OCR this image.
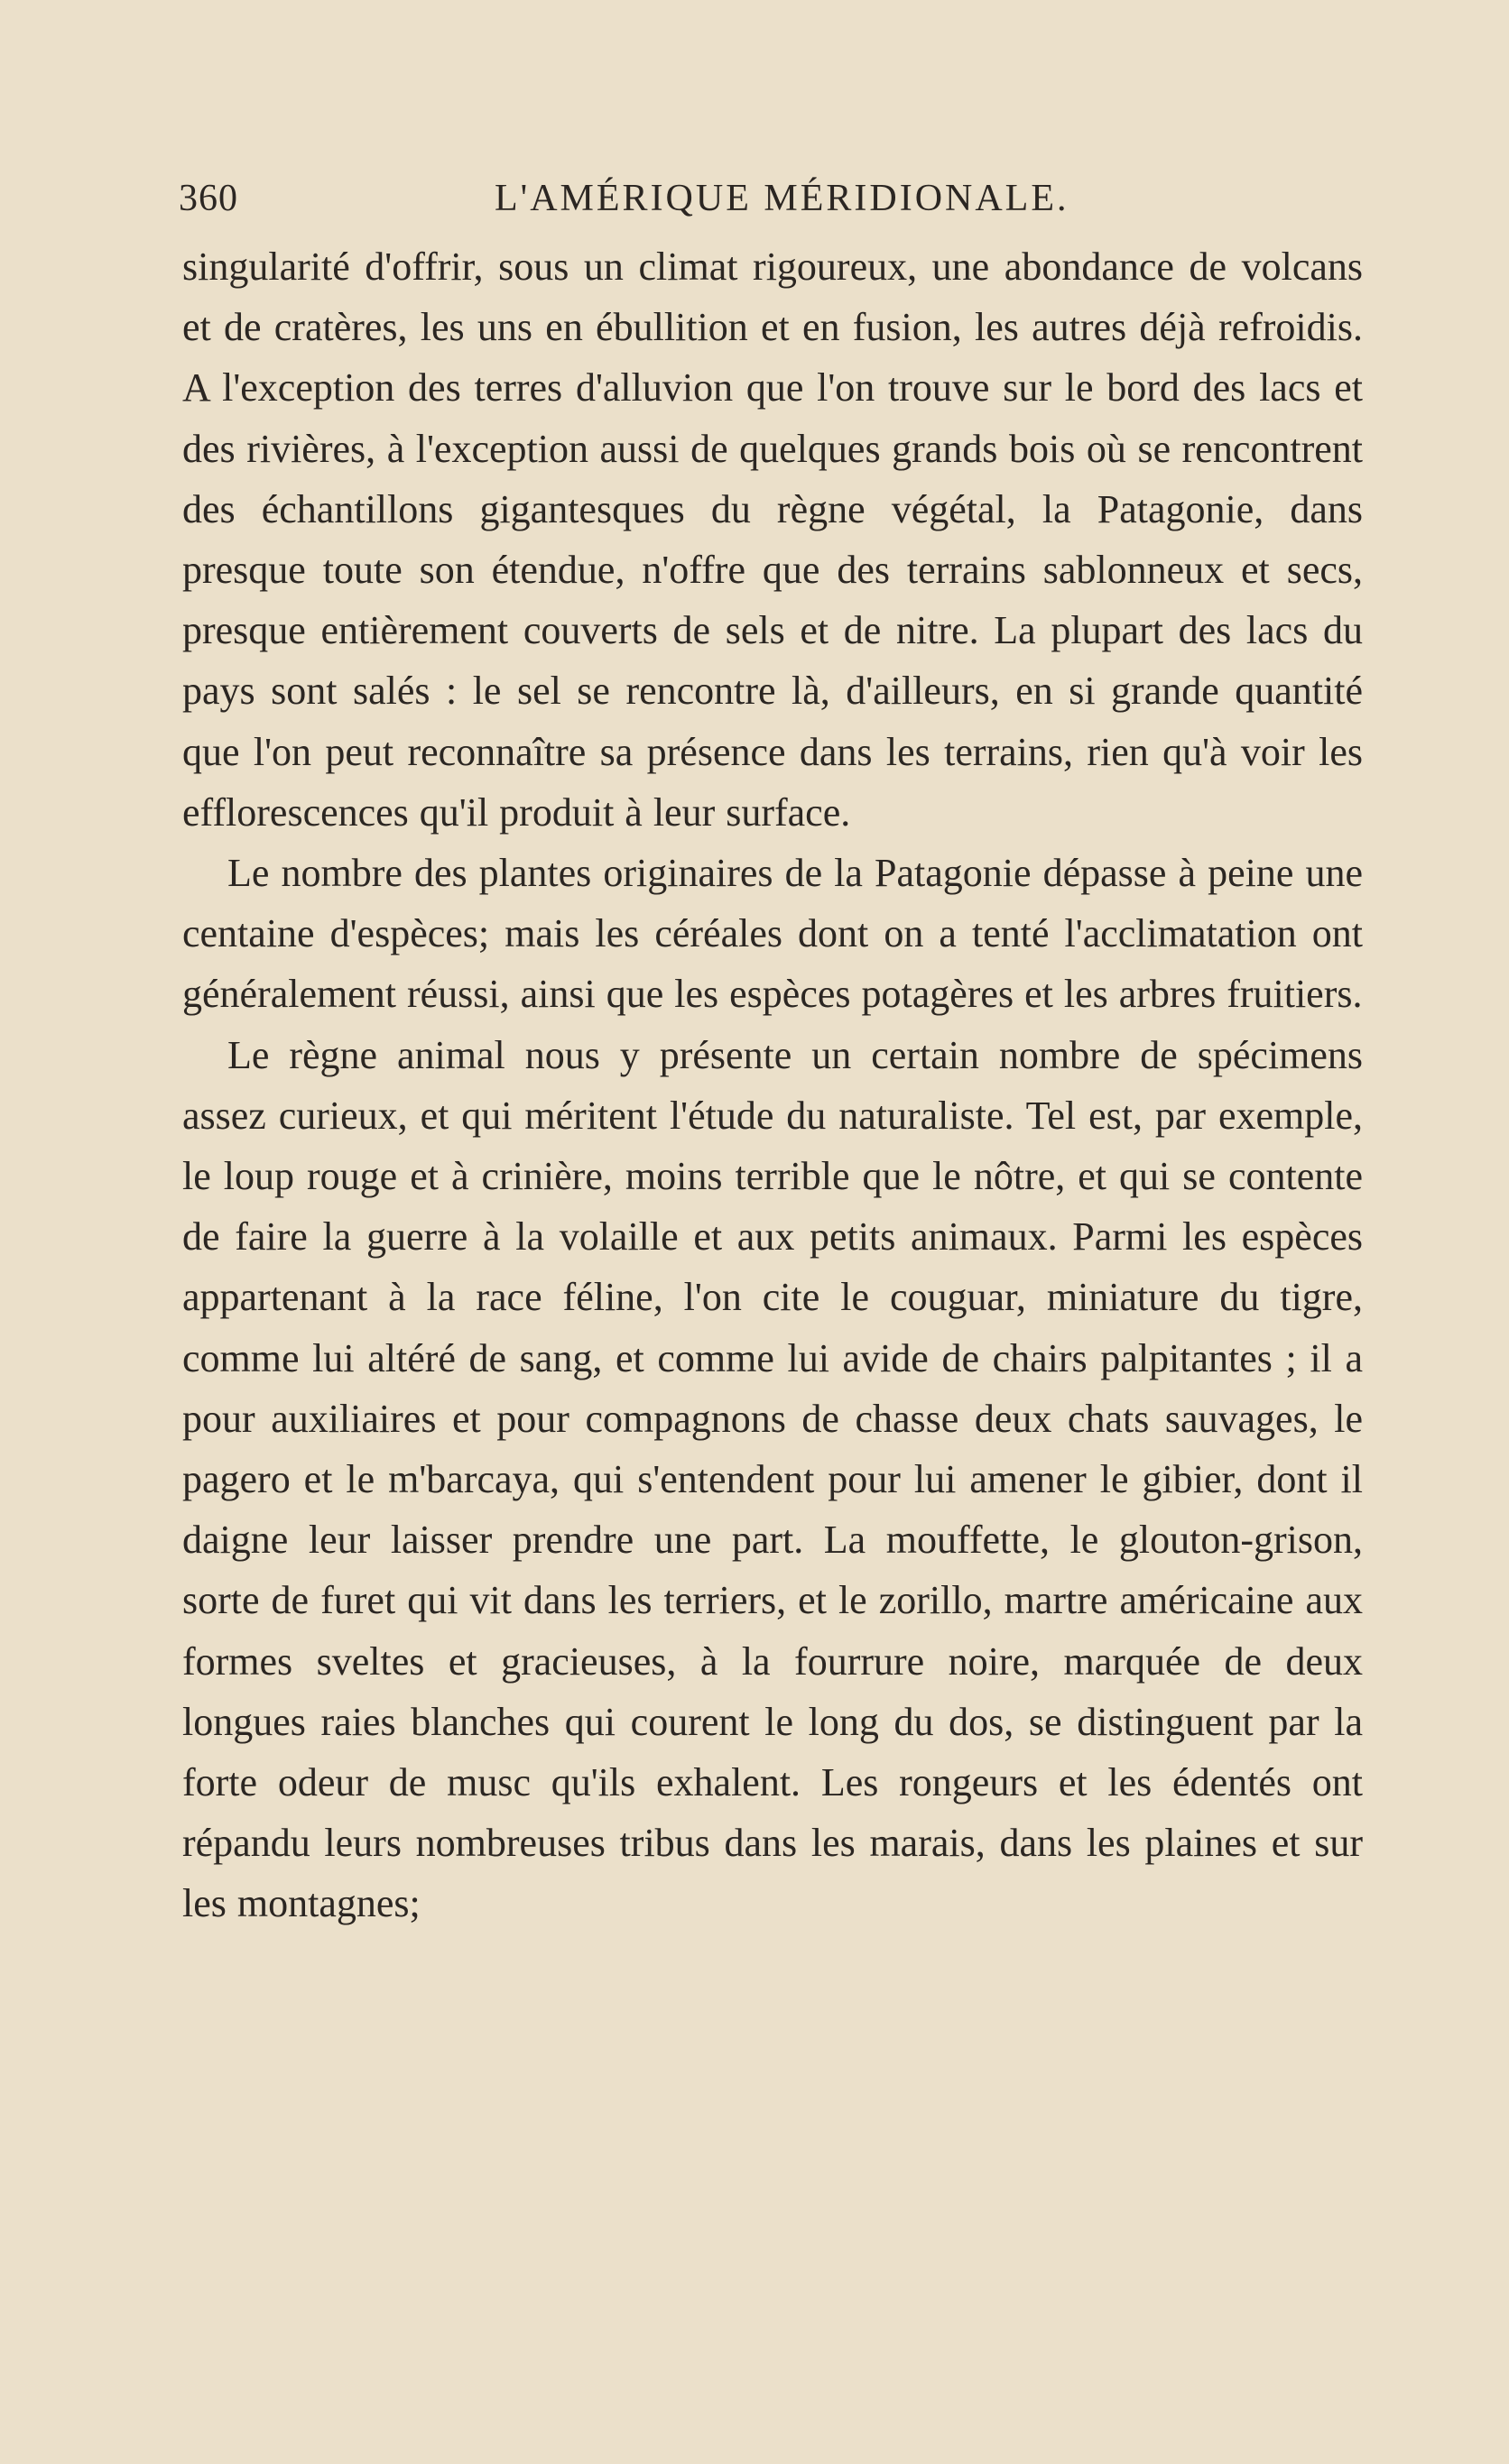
360	L'AMÉRIQUE MÉRIDIONALE.

singularité d'offrir, sous un climat rigoureux, une abondance de volcans et de cratères, les uns en ébullition et en fusion, les autres déjà refroidis. A l'exception des terres d'alluvion que l'on trouve sur le bord des lacs et des rivières, à l'exception aussi de quelques grands bois où se rencontrent des échantillons gigantesques du règne végétal, la Patagonie, dans presque toute son étendue, n'offre que des terrains sablonneux et secs, presque entièrement couverts de sels et de nitre. La plupart des lacs du pays sont salés : le sel se rencontre là, d'ailleurs, en si grande quantité que l'on peut reconnaître sa présence dans les terrains, rien qu'à voir les efflorescences qu'il produit à leur surface.

Le nombre des plantes originaires de la Patagonie dépasse à peine une centaine d'espèces; mais les céréales dont on a tenté l'acclimatation ont généralement réussi, ainsi que les espèces potagères et les arbres fruitiers.

Le règne animal nous y présente un certain nombre de spécimens assez curieux, et qui méritent l'étude du naturaliste. Tel est, par exemple, le loup rouge et à crinière, moins terrible que le nôtre, et qui se contente de faire la guerre à la volaille et aux petits animaux. Parmi les espèces appartenant à la race féline, l'on cite le couguar, miniature du tigre, comme lui altéré de sang, et comme lui avide de chairs palpitantes ; il a pour auxiliaires et pour compagnons de chasse deux chats sauvages, le pagero et le m'barcaya, qui s'entendent pour lui amener le gibier, dont il daigne leur laisser prendre une part. La mouffette, le glouton-grison, sorte de furet qui vit dans les terriers, et le zorillo, martre américaine aux formes sveltes et gracieuses, à la fourrure noire, marquée de deux longues raies blanches qui courent le long du dos, se distinguent par la forte odeur de musc qu'ils exhalent. Les rongeurs et les édentés ont répandu leurs nombreuses tribus dans les marais, dans les plaines et sur les montagnes;
